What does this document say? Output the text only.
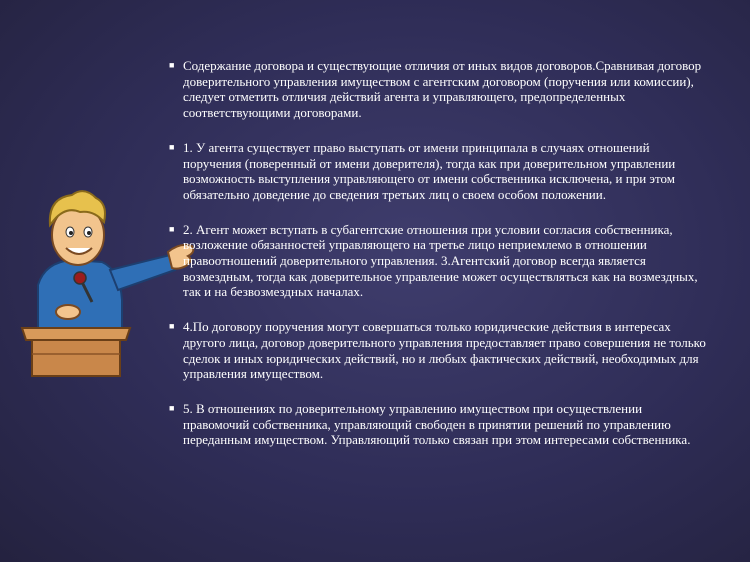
■ Содержание договора и существующие отличия от иных видов договоров.Сравнивая договор доверительного управления имуществом с агентским договором (поручения или комиссии), следует отметить отличия действий агента и управляющего, предопределенных соответствующими договорами.
■ 1. У агента существует право выступать от имени принципала в случаях отношений поручения (поверенный от имени доверителя), тогда как при доверительном управлении возможность выступления управляющего от имени собственника исключена, и при этом обязательно доведение до сведения третьих лиц о своем особом положении.
■ 2. Агент может вступать в субагентские отношения при условии согласия собственника, возложение обязанностей управляющего на третье лицо неприемлемо в отношении правоотношений доверительного управления. 3.Агентский договор всегда является возмездным, тогда как доверительное управление может осуществляться как на возмездных, так и на безвозмездных началах.
■ 4.По договору поручения могут совершаться только юридические действия в интересах другого лица, договор доверительного управления предоставляет право совершения не только сделок и иных юридических действий, но и любых фактических действий, необходимых для управления имуществом.
■ 5. В отношениях по доверительному управлению имуществом при осуществлении правомочий собственника, управляющий свободен в принятии решений по управлению переданным имуществом. Управляющий только связан при этом интересами собственника.
